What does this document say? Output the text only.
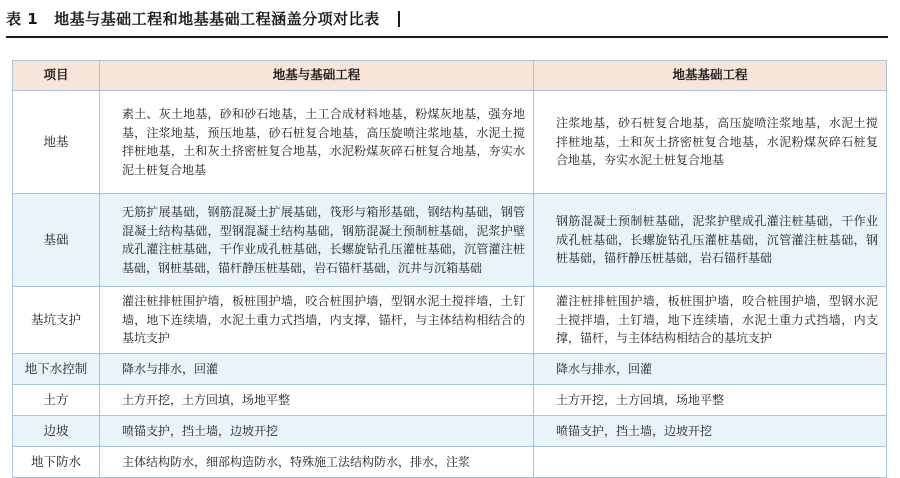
表 1 地基与基础工程和地基基础工程涵盖分项对比表
项目	地基与基础工程	地基基础工程
地基	素土、灰土地基，砂和砂石地基，土工合成材料地基，粉煤灰地基，强夯地基，注浆地基，预压地基，砂石桩复合地基，高压旋喷注浆地基，水泥土搅拌桩地基，土和灰土挤密桩复合地基，水泥粉煤灰碎石桩复合地基，夯实水泥土桩复合地基	注浆地基，砂石桩复合地基，高压旋喷注浆地基，水泥土搅拌桩地基，土和灰土挤密桩复合地基，水泥粉煤灰碎石桩复合地基，夯实水泥土桩复合地基
基础	无筋扩展基础，钢筋混凝土扩展基础，筏形与箱形基础，钢结构基础，钢管混凝土结构基础，型钢混凝土结构基础，钢筋混凝土预制桩基础，泥浆护壁成孔灌注桩基础，干作业成孔桩基础，长螺旋钻孔压灌桩基础，沉管灌注桩基础，钢桩基础，锚杆静压桩基础，岩石锚杆基础，沉井与沉箱基础	钢筋混凝土预制桩基础，泥浆护壁成孔灌注桩基础，干作业成孔桩基础，长螺旋钻孔压灌桩基础，沉管灌注桩基础，钢桩基础，锚杆静压桩基础，岩石锚杆基础
基坑支护	灌注桩排桩围护墙，板桩围护墙，咬合桩围护墙，型钢水泥土搅拌墙，土钉墙，地下连续墙，水泥土重力式挡墙，内支撑，锚杆，与主体结构相结合的基坑支护	灌注桩排桩围护墙，板桩围护墙，咬合桩围护墙，型钢水泥土搅拌墙，土钉墙，地下连续墙，水泥土重力式挡墙，内支撑，锚杆，与主体结构相结合的基坑支护
地下水控制	降水与排水，回灌	降水与排水，回灌
土方	土方开挖，土方回填，场地平整	土方开挖，土方回填，场地平整
边坡	喷锚支护，挡土墙，边坡开挖	喷锚支护，挡土墙，边坡开挖
地下防水	主体结构防水，细部构造防水，特殊施工法结构防水，排水，注浆	
